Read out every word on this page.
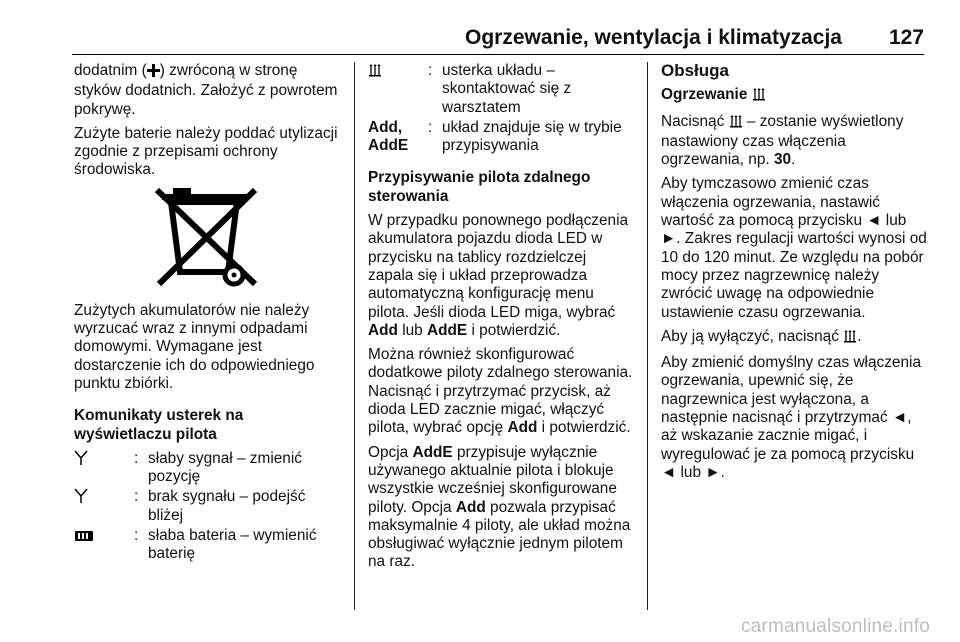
Ogrzewanie, wentylacja i klimatyzacja 127

dodatnim ( ) zwróconą w stronę styków dodatnich. Założyć z powrotem pokrywę.

Zużyte baterie należy poddać utylizacji zgodnie z przepisami ochrony środowiska.

Zużytych akumulatorów nie należy wyrzucać wraz z innymi odpadami domowymi. Wymagane jest dostarczenie ich do odpowiedniego punktu zbiórki.

Komunikaty usterek na wyświetlaczu pilota

: słaby sygnał – zmienić pozycję
: brak sygnału – podejść bliżej
: słaba bateria – wymienić baterię
: usterka układu – skontaktować się z warsztatem
Add, AddE
: układ znajduje się w trybie przypisywania

Przypisywanie pilota zdalnego sterowania

W przypadku ponownego podłączenia akumulatora pojazdu dioda LED w przycisku na tablicy rozdzielczej zapala się i układ przeprowadza automatyczną konfigurację menu pilota. Jeśli dioda LED miga, wybrać Add lub AddE i potwierdzić.

Można również skonfigurować dodatkowe piloty zdalnego sterowania. Nacisnąć i przytrzymać przycisk, aż dioda LED zacznie migać, włączyć pilota, wybrać opcję Add i potwierdzić.

Opcja AddE przypisuje wyłącznie używanego aktualnie pilota i blokuje wszystkie wcześniej skonfigurowane piloty. Opcja Add pozwala przypisać maksymalnie 4 piloty, ale układ można obsługiwać wyłącznie jednym pilotem na raz.

Obsługa

Ogrzewanie

Nacisnąć  – zostanie wyświetlony nastawiony czas włączenia ogrzewania, np. 30.

Aby tymczasowo zmienić czas włączenia ogrzewania, nastawić wartość za pomocą przycisku ◄ lub ►. Zakres regulacji wartości wynosi od 10 do 120 minut. Ze względu na pobór mocy przez nagrzewnicę należy zwrócić uwagę na odpowiednie ustawienie czasu ogrzewania.

Aby ją wyłączyć, nacisnąć .

Aby zmienić domyślny czas włączenia ogrzewania, upewnić się, że nagrzewnica jest wyłączona, a następnie nacisnąć i przytrzymać ◄, aż wskazanie zacznie migać, i wyregulować je za pomocą przycisku ◄ lub ►.

carmanualsonline.info
